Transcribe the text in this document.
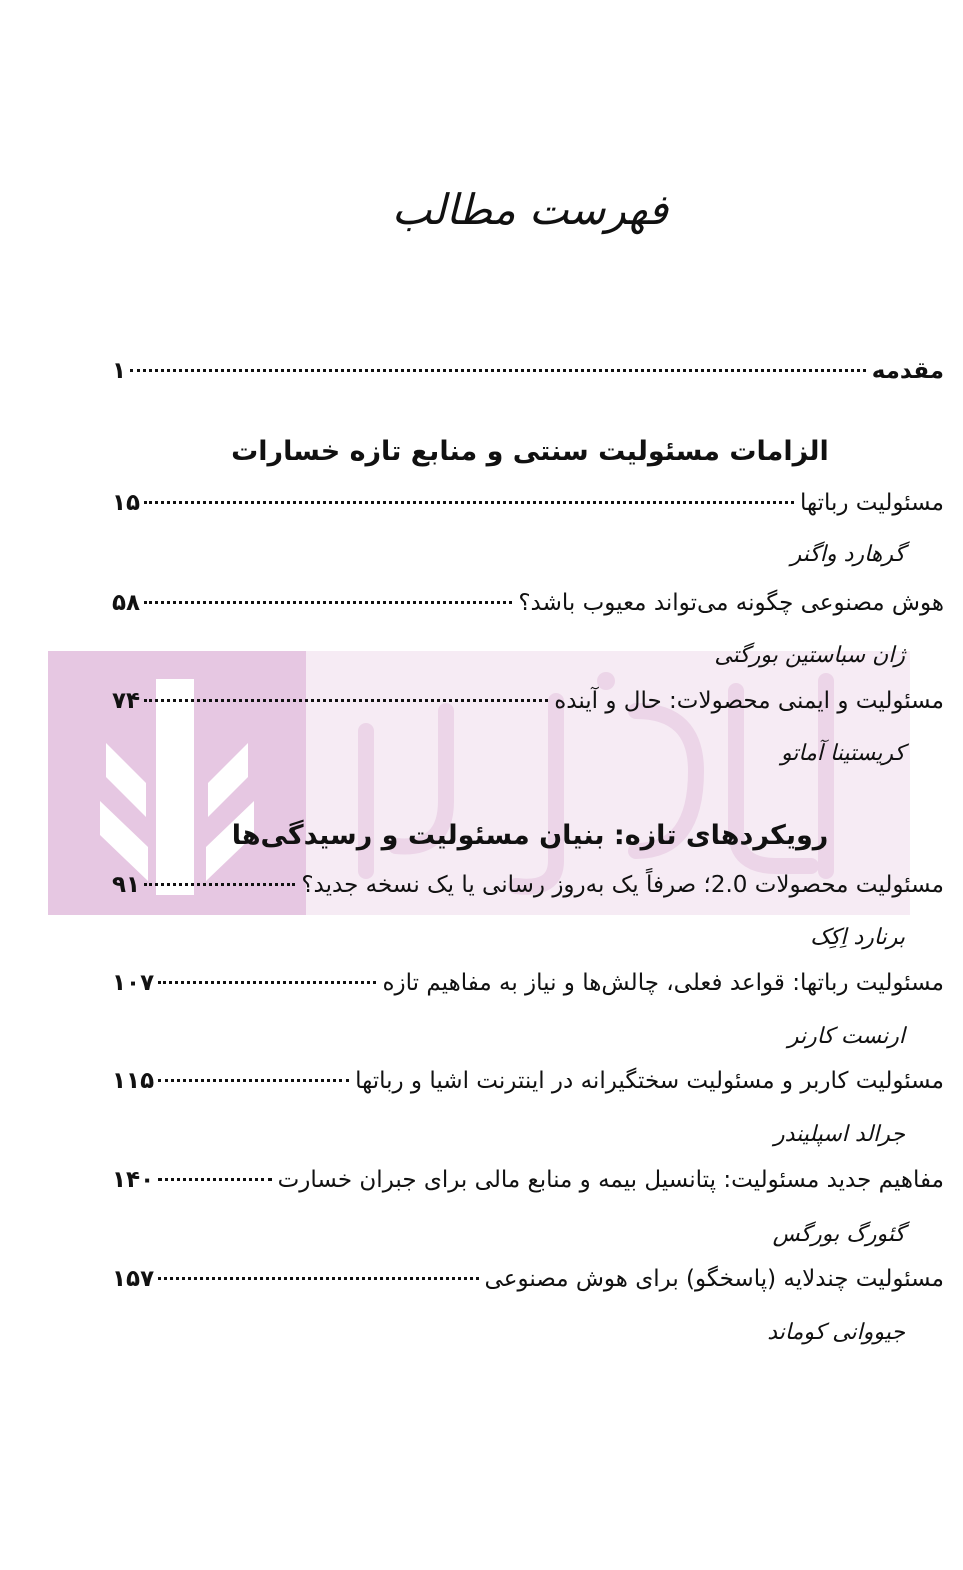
فهرست مطالب
مقدمه
۱
الزامات مسئولیت سنتی و منابع تازه خسارات
مسئولیت رباتها
۱۵
گرهارد واگنر
هوش مصنوعی چگونه می‌تواند معیوب باشد؟
۵۸
ژان سباستین بورگتی
مسئولیت و ایمنی محصولات: حال و آینده
۷۴
کریستینا آماتو
رویکردهای تازه: بنیان مسئولیت و رسیدگی‌ها
مسئولیت محصولات 2.0؛ صرفاً یک به‌روز رسانی یا یک نسخه جدید؟
۹۱
برنارد اِکِک
مسئولیت رباتها: قواعد فعلی، چالش‌ها و نیاز به مفاهیم تازه
۱۰۷
ارنست کارنر
مسئولیت کاربر و مسئولیت سختگیرانه در اینترنت اشیا و رباتها
۱۱۵
جرالد اسپلیندر
مفاهیم جدید مسئولیت: پتانسیل بیمه و منابع مالی برای جبران خسارت
۱۴۰
گئورگ بورگس
مسئولیت چندلایه (پاسخگو) برای هوش مصنوعی
۱۵۷
جیووانی کوماند
